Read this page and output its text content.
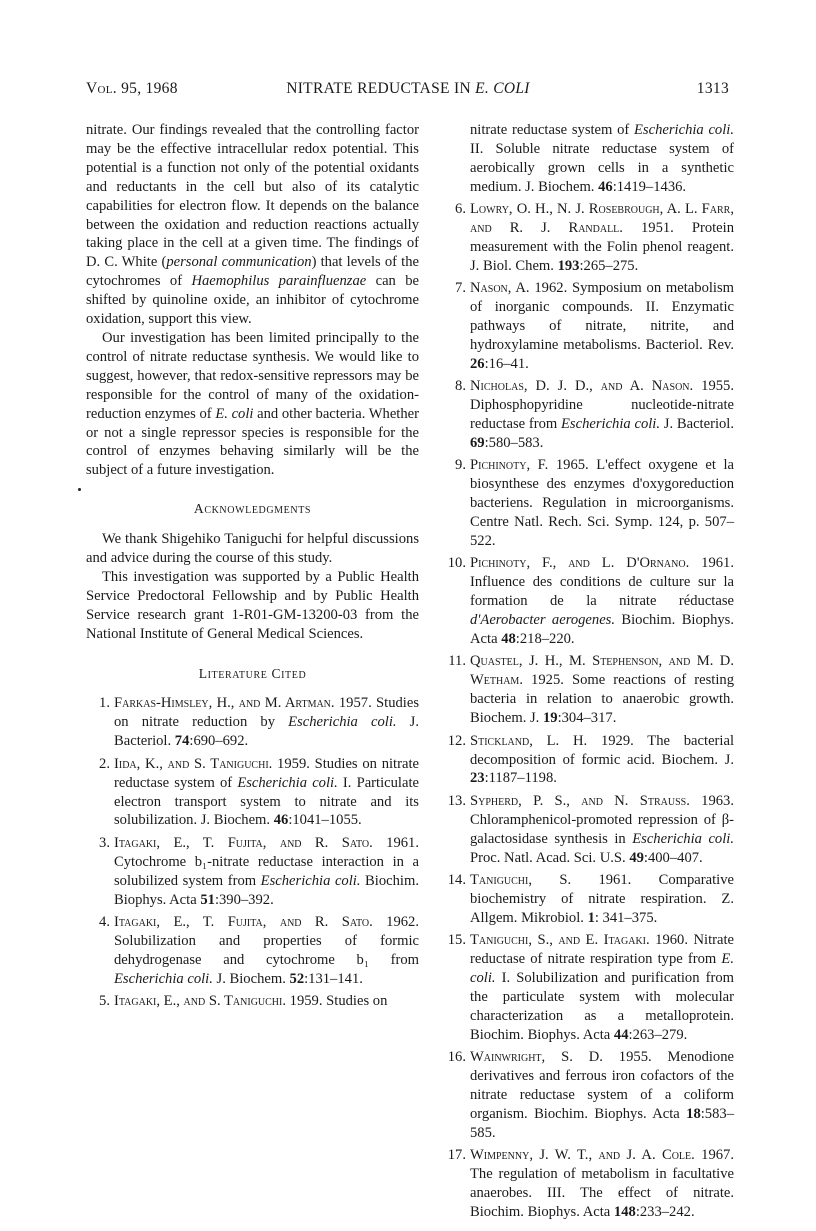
Vol. 95, 1968	NITRATE REDUCTASE IN E. COLI	1313

nitrate. Our findings revealed that the controlling factor may be the effective intracellular redox potential. This potential is a function not only of the potential oxidants and reductants in the cell but also of its catalytic capabilities for electron flow. It depends on the balance between the oxidation and reduction reactions actually taking place in the cell at a given time. The findings of D. C. White (personal communication) that levels of the cytochromes of Haemophilus parainfluenzae can be shifted by quinoline oxide, an inhibitor of cytochrome oxidation, support this view.

Our investigation has been limited principally to the control of nitrate reductase synthesis. We would like to suggest, however, that redox-sensitive repressors may be responsible for the control of many of the oxidation-reduction enzymes of E. coli and other bacteria. Whether or not a single repressor species is responsible for the control of enzymes behaving similarly will be the subject of a future investigation.

Acknowledgments

We thank Shigehiko Taniguchi for helpful discussions and advice during the course of this study.

This investigation was supported by a Public Health Service Predoctoral Fellowship and by Public Health Service research grant 1-R01-GM-13200-03 from the National Institute of General Medical Sciences.

Literature Cited

1. Farkas-Himsley, H., and M. Artman. 1957. Studies on nitrate reduction by Escherichia coli. J. Bacteriol. 74:690–692.

2. Iida, K., and S. Taniguchi. 1959. Studies on nitrate reductase system of Escherichia coli. I. Particulate electron transport system to nitrate and its solubilization. J. Biochem. 46:1041–1055.

3. Itagaki, E., T. Fujita, and R. Sato. 1961. Cytochrome b₁-nitrate reductase interaction in a solubilized system from Escherichia coli. Biochim. Biophys. Acta 51:390–392.

4. Itagaki, E., T. Fujita, and R. Sato. 1962. Solubilization and properties of formic dehydrogenase and cytochrome b₁ from Escherichia coli. J. Biochem. 52:131–141.

5. Itagaki, E., and S. Taniguchi. 1959. Studies on

nitrate reductase system of Escherichia coli. II. Soluble nitrate reductase system of aerobically grown cells in a synthetic medium. J. Biochem. 46:1419–1436.

6. Lowry, O. H., N. J. Rosebrough, A. L. Farr, and R. J. Randall. 1951. Protein measurement with the Folin phenol reagent. J. Biol. Chem. 193:265–275.

7. Nason, A. 1962. Symposium on metabolism of inorganic compounds. II. Enzymatic pathways of nitrate, nitrite, and hydroxylamine metabolisms. Bacteriol. Rev. 26:16–41.

8. Nicholas, D. J. D., and A. Nason. 1955. Diphosphopyridine nucleotide-nitrate reductase from Escherichia coli. J. Bacteriol. 69:580–583.

9. Pichinoty, F. 1965. L'effect oxygene et la biosynthese des enzymes d'oxygoreduction bacteriens. Regulation in microorganisms. Centre Natl. Rech. Sci. Symp. 124, p. 507–522.

10. Pichinoty, F., and L. D'Ornano. 1961. Influence des conditions de culture sur la formation de la nitrate réductase d'Aerobacter aerogenes. Biochim. Biophys. Acta 48:218–220.

11. Quastel, J. H., M. Stephenson, and M. D. Wetham. 1925. Some reactions of resting bacteria in relation to anaerobic growth. Biochem. J. 19:304–317.

12. Stickland, L. H. 1929. The bacterial decomposition of formic acid. Biochem. J. 23:1187–1198.

13. Sypherd, P. S., and N. Strauss. 1963. Chloramphenicol-promoted repression of β-galactosidase synthesis in Escherichia coli. Proc. Natl. Acad. Sci. U.S. 49:400–407.

14. Taniguchi, S. 1961. Comparative biochemistry of nitrate respiration. Z. Allgem. Mikrobiol. 1: 341–375.

15. Taniguchi, S., and E. Itagaki. 1960. Nitrate reductase of nitrate respiration type from E. coli. I. Solubilization and purification from the particulate system with molecular characterization as a metalloprotein. Biochim. Biophys. Acta 44:263–279.

16. Wainwright, S. D. 1955. Menodione derivatives and ferrous iron cofactors of the nitrate reductase system of a coliform organism. Biochim. Biophys. Acta 18:583–585.

17. Wimpenny, J. W. T., and J. A. Cole. 1967. The regulation of metabolism in facultative anaerobes. III. The effect of nitrate. Biochim. Biophys. Acta 148:233–242.
